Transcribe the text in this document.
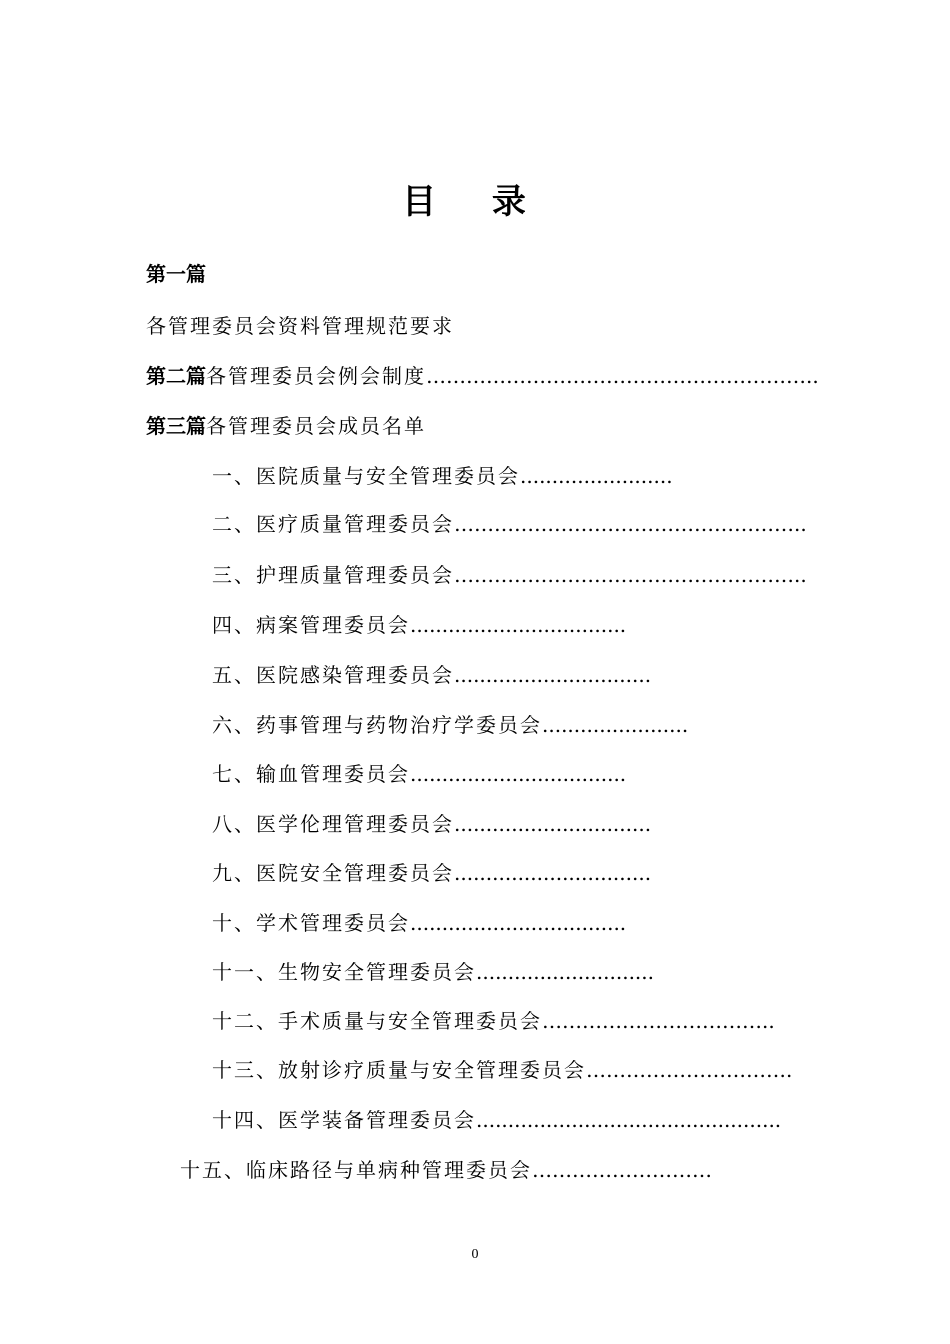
目 录
第一篇
各管理委员会资料管理规范要求
第二篇各管理委员会例会制度…………………………………………………..
第三篇各管理委员会成员名单
一、医院质量与安全管理委员会........................
二、医疗质量管理委员会……………………………………………..
三、护理质量管理委员会……………………………………………..
四、病案管理委员会..................................
五、医院感染管理委员会...............................
六、药事管理与药物治疗学委员会.......................
七、输血管理委员会..................................
八、医学伦理管理委员会...............................
九、医院安全管理委员会...............................
十、学术管理委员会..................................
十一、生物安全管理委员会............................
十二、手术质量与安全管理委员会……………………………..
十三、放射诊疗质量与安全管理委员会………………………….
十四、医学装备管理委员会................................................
十五、临床路径与单病种管理委员会………………………
0
